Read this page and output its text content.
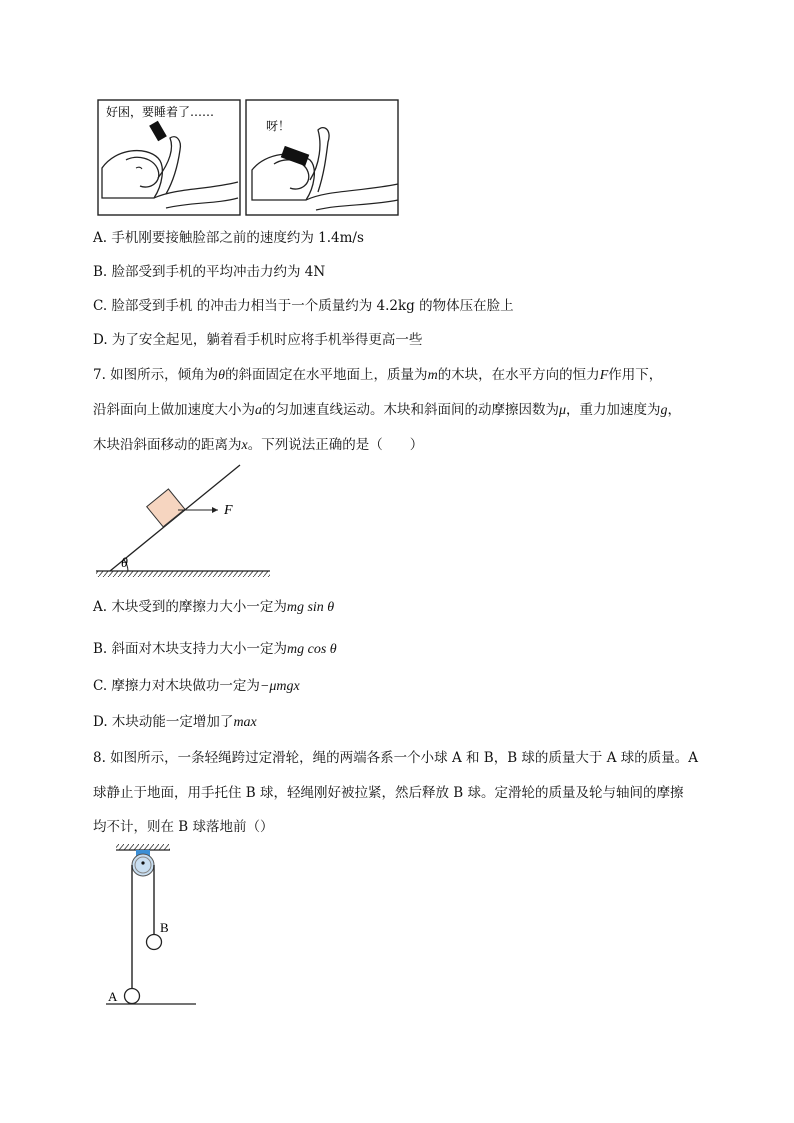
好困，要睡着了……
呀！
A. 手机刚要接触脸部之前的速度约为 1.4m/s
B. 脸部受到手机的平均冲击力约为 4N
C. 脸部受到手机 的冲击力相当于一个质量约为 4.2kg 的物体压在脸上
D. 为了安全起见，躺着看手机时应将手机举得更高一些
7. 如图所示，倾角为θ的斜面固定在水平地面上，质量为m的木块，在水平方向的恒力F作用下，
沿斜面向上做加速度大小为a的匀加速直线运动。木块和斜面间的动摩擦因数为μ，重力加速度为g，
木块沿斜面移动的距离为x。下列说法正确的是（　　）
θ
F
A. 木块受到的摩擦力大小一定为mg sin θ
B. 斜面对木块支持力大小一定为mg cos θ
C. 摩擦力对木块做功一定为−μmgx
D. 木块动能一定增加了max
8. 如图所示，一条轻绳跨过定滑轮，绳的两端各系一个小球 A 和 B，B 球的质量大于 A 球的质量。A
球静止于地面，用手托住 B 球，轻绳刚好被拉紧，然后释放 B 球。定滑轮的质量及轮与轴间的摩擦
均不计，则在 B 球落地前（）
B
A
